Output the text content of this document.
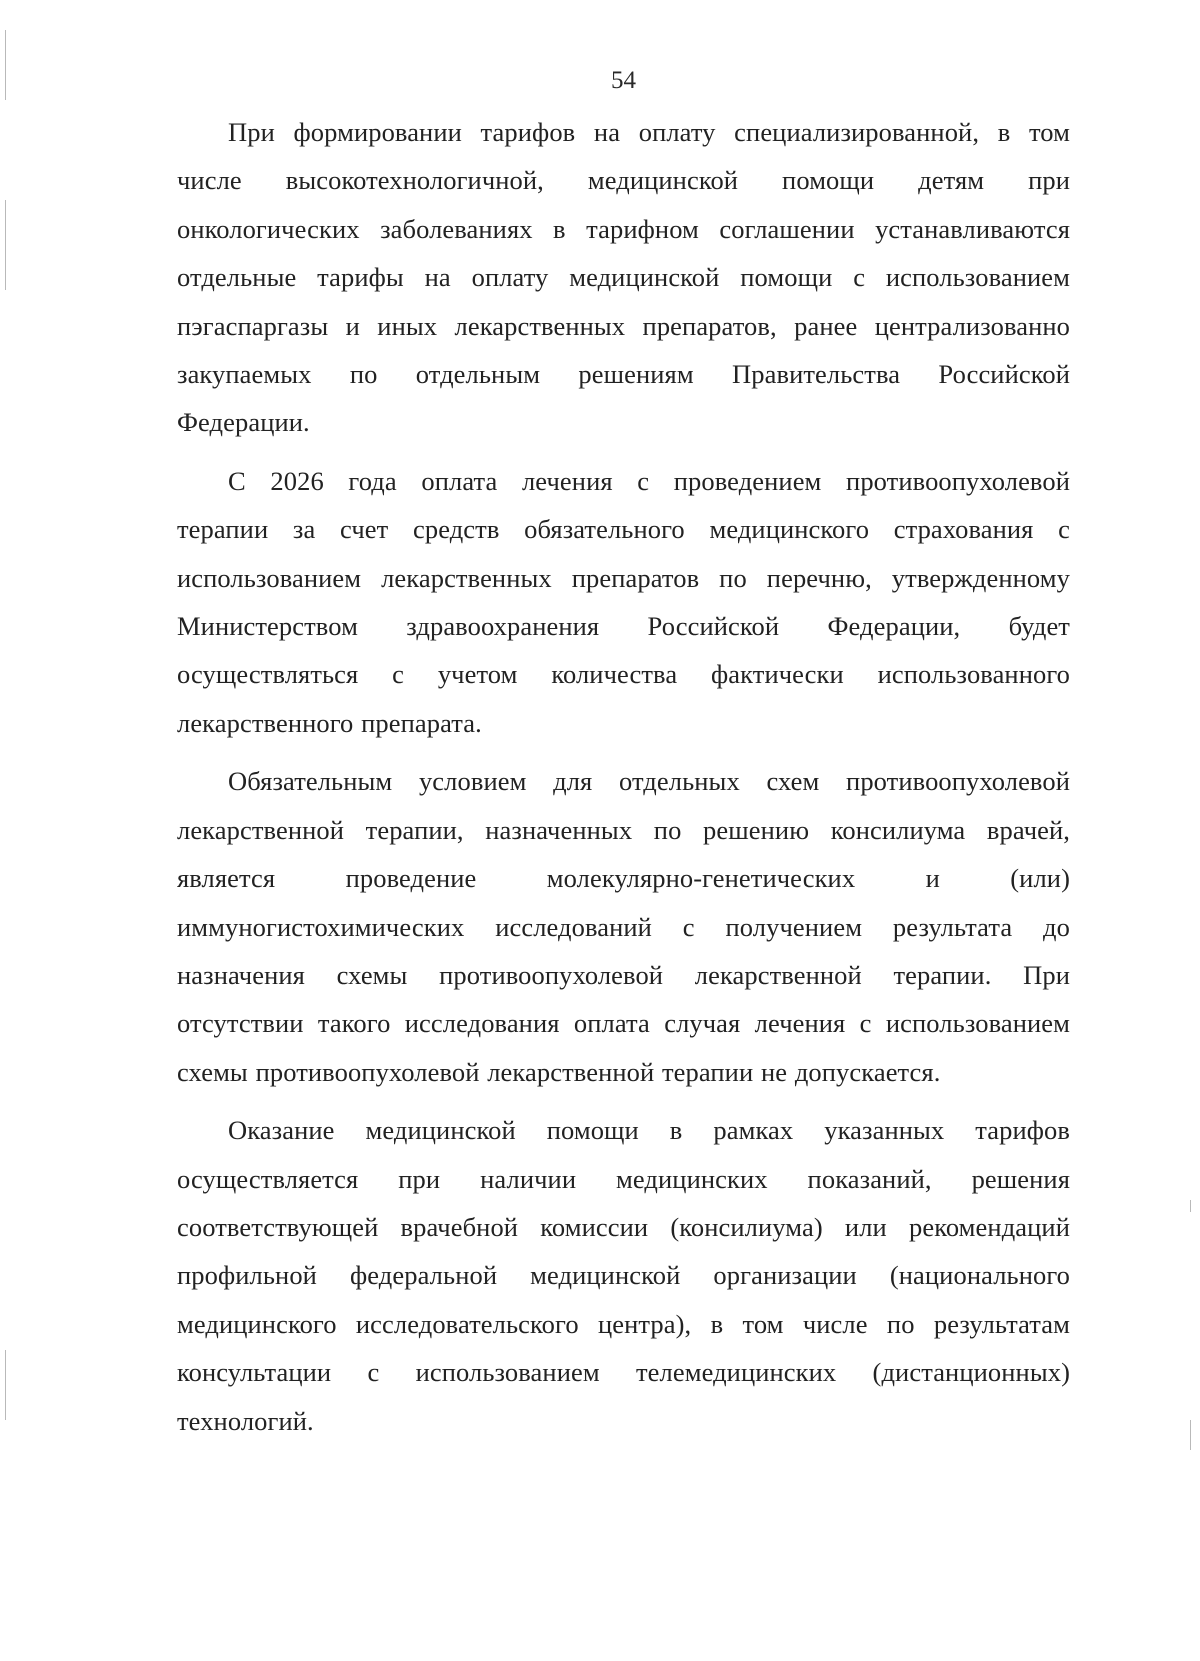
54

При формировании тарифов на оплату специализированной, в том
числе высокотехнологичной, медицинской помощи детям при
онкологических заболеваниях в тарифном соглашении устанавливаются
отдельные тарифы на оплату медицинской помощи с использованием
пэгаспаргазы и иных лекарственных препаратов, ранее централизованно
закупаемых по отдельным решениям Правительства Российской
Федерации.

С 2026 года оплата лечения с проведением противоопухолевой
терапии за счет средств обязательного медицинского страхования с
использованием лекарственных препаратов по перечню, утвержденному
Министерством здравоохранения Российской Федерации, будет
осуществляться с учетом количества фактически использованного
лекарственного препарата.

Обязательным условием для отдельных схем противоопухолевой
лекарственной терапии, назначенных по решению консилиума врачей,
является проведение молекулярно-генетических и (или)
иммуногистохимических исследований с получением результата до
назначения схемы противоопухолевой лекарственной терапии. При
отсутствии такого исследования оплата случая лечения с использованием
схемы противоопухолевой лекарственной терапии не допускается.

Оказание медицинской помощи в рамках указанных тарифов
осуществляется при наличии медицинских показаний, решения
соответствующей врачебной комиссии (консилиума) или рекомендаций
профильной федеральной медицинской организации (национального
медицинского исследовательского центра), в том числе по результатам
консультации с использованием телемедицинских (дистанционных)
технологий.
